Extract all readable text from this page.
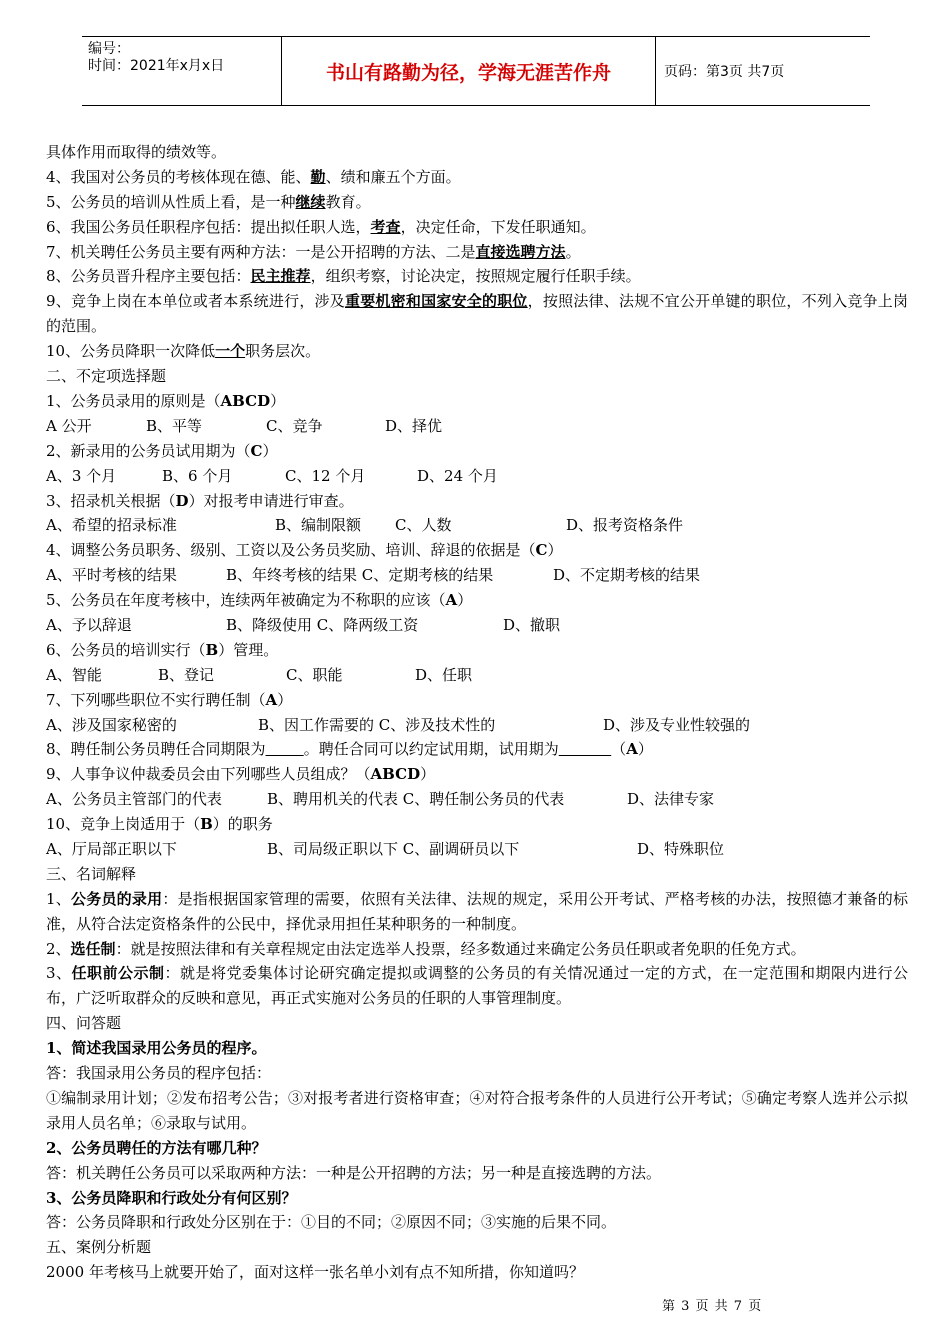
编号：
时间：2021年x月x日	书山有路勤为径，学海无涯苦作舟	页码：第3页 共7页
具体作用而取得的绩效等。
4、我国对公务员的考核体现在德、能、勤、绩和廉五个方面。
5、公务员的培训从性质上看，是一种继续教育。
6、我国公务员任职程序包括：提出拟任职人选，考查，决定任命，下发任职通知。
7、机关聘任公务员主要有两种方法：一是公开招聘的方法、二是直接选聘方法。
8、公务员晋升程序主要包括：民主推荐，组织考察，讨论决定，按照规定履行任职手续。
9、竞争上岗在本单位或者本系统进行，涉及重要机密和国家安全的职位，按照法律、法规不宜公开单键的职位，不列入竞争上岗的范围。
10、公务员降职一次降低一个职务层次。
二、不定项选择题
1、公务员录用的原则是（ABCD）
A 公开	B、平等	C、竞争	D、择优
2、新录用的公务员试用期为（C）
A、3 个月	B、6 个月	C、12 个月	D、24 个月
3、招录机关根据（D）对报考申请进行审查。
A、希望的招录标准	B、编制限额	C、人数	D、报考资格条件
4、调整公务员职务、级别、工资以及公务员奖励、培训、辞退的依据是（C）
A、平时考核的结果	B、年终考核的结果 C、定期考核的结果	D、不定期考核的结果
5、公务员在年度考核中，连续两年被确定为不称职的应该（A）
A、予以辞退	B、降级使用 C、降两级工资	D、撤职
6、公务员的培训实行（B）管理。
A、智能	B、登记	C、职能	D、任职
7、下列哪些职位不实行聘任制（A）
A、涉及国家秘密的	B、因工作需要的 C、涉及技术性的	D、涉及专业性较强的
8、聘任制公务员聘任合同期限为	。聘任合同可以约定试用期，试用期为	（A）
9、人事争议仲裁委员会由下列哪些人员组成？（ABCD）
A、公务员主管部门的代表	B、聘用机关的代表 C、聘任制公务员的代表	D、法律专家
10、竞争上岗适用于（B）的职务
A、厅局部正职以下	B、司局级正职以下 C、副调研员以下	D、特殊职位
三、名词解释
1、公务员的录用：是指根据国家管理的需要，依照有关法律、法规的规定，采用公开考试、严格考核的办法，按照德才兼备的标准，从符合法定资格条件的公民中，择优录用担任某种职务的一种制度。
2、选任制：就是按照法律和有关章程规定由法定选举人投票，经多数通过来确定公务员任职或者免职的任免方式。
3、任职前公示制：就是将党委集体讨论研究确定提拟或调整的公务员的有关情况通过一定的方式，在一定范围和期限内进行公布，广泛听取群众的反映和意见，再正式实施对公务员的任职的人事管理制度。
四、问答题
1、简述我国录用公务员的程序。
答：我国录用公务员的程序包括：
①编制录用计划；②发布招考公告；③对报考者进行资格审查；④对符合报考条件的人员进行公开考试；⑤确定考察人选并公示拟录用人员名单；⑥录取与试用。
2、公务员聘任的方法有哪几种？
答：机关聘任公务员可以采取两种方法：一种是公开招聘的方法；另一种是直接选聘的方法。
3、公务员降职和行政处分有何区别？
答：公务员降职和行政处分区别在于：①目的不同；②原因不同；③实施的后果不同。
五、案例分析题
2000 年考核马上就要开始了，面对这样一张名单小刘有点不知所措，你知道吗？
第 3 页 共 7 页
